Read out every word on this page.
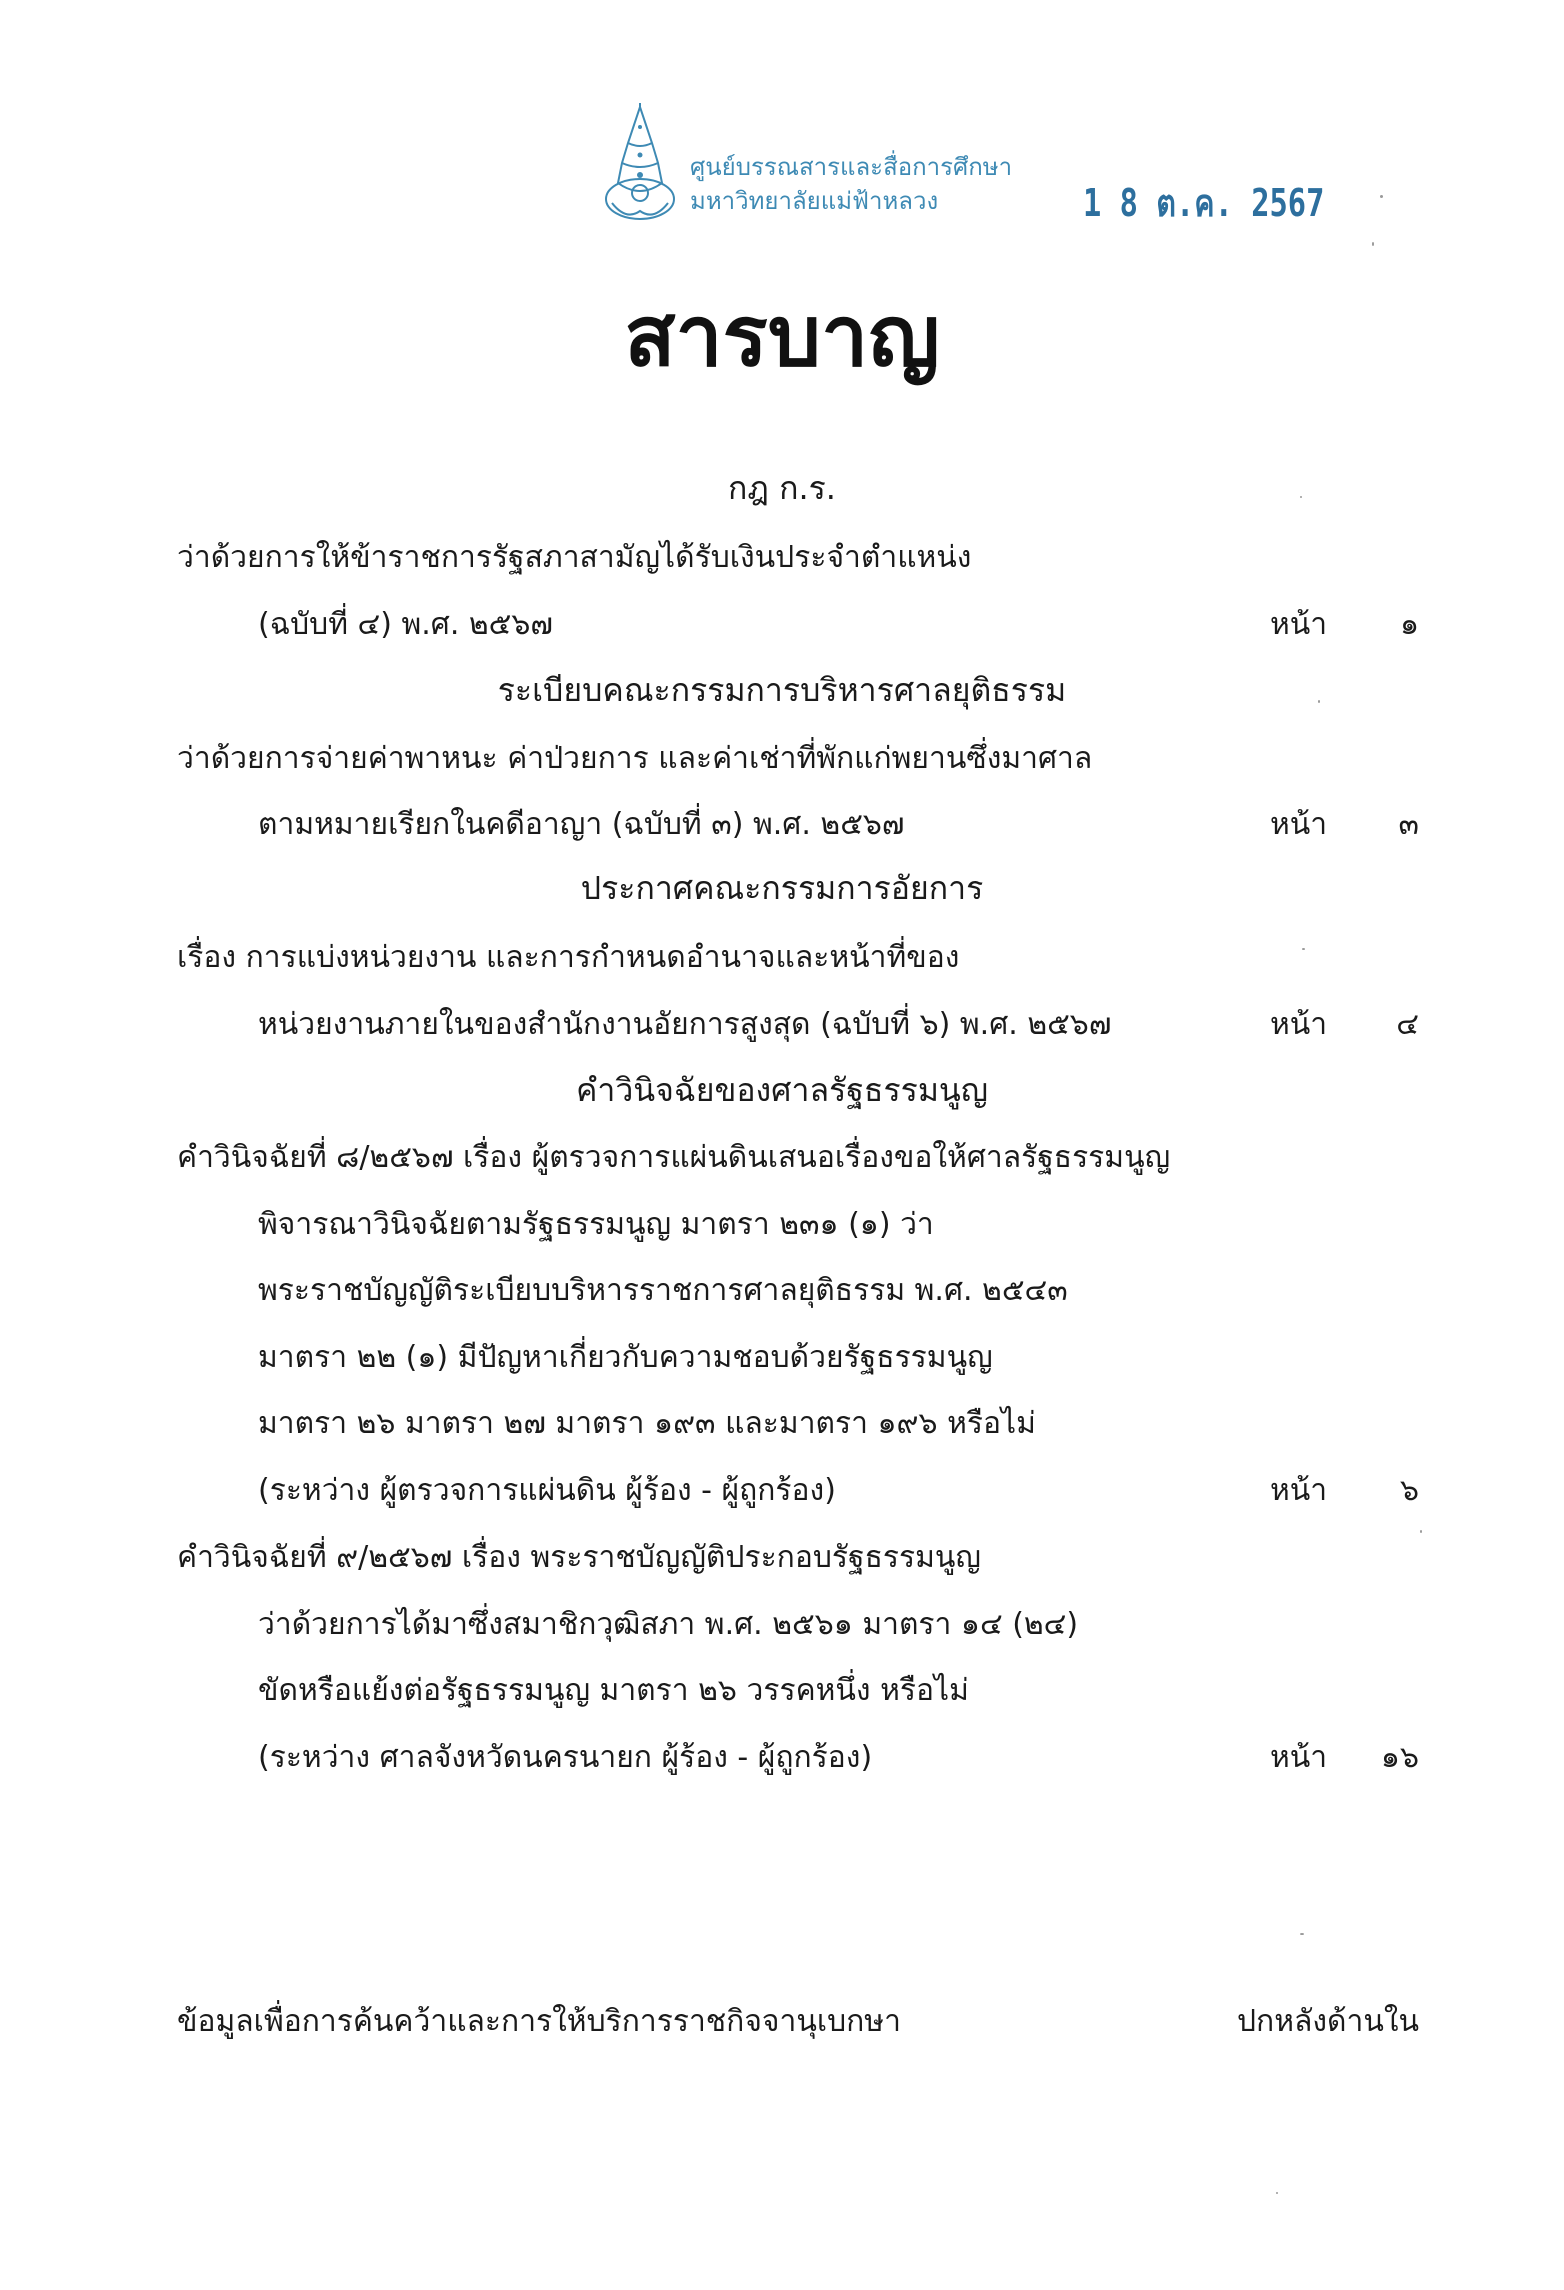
ศูนย์บรรณสารและสื่อการศึกษา
มหาวิทยาลัยแม่ฟ้าหลวง	1 8 ต.ค. 2567
สารบาญ
กฎ ก.ร.
ว่าด้วยการให้ข้าราชการรัฐสภาสามัญได้รับเงินประจำตำแหน่ง
(ฉบับที่ ๔) พ.ศ. ๒๕๖๗	หน้า ๑
ระเบียบคณะกรรมการบริหารศาลยุติธรรม
ว่าด้วยการจ่ายค่าพาหนะ ค่าป่วยการ และค่าเช่าที่พักแก่พยานซึ่งมาศาล
ตามหมายเรียกในคดีอาญา (ฉบับที่ ๓) พ.ศ. ๒๕๖๗	หน้า ๓
ประกาศคณะกรรมการอัยการ
เรื่อง การแบ่งหน่วยงาน และการกำหนดอำนาจและหน้าที่ของ
หน่วยงานภายในของสำนักงานอัยการสูงสุด (ฉบับที่ ๖) พ.ศ. ๒๕๖๗	หน้า ๔
คำวินิจฉัยของศาลรัฐธรรมนูญ
คำวินิจฉัยที่ ๘/๒๕๖๗ เรื่อง ผู้ตรวจการแผ่นดินเสนอเรื่องขอให้ศาลรัฐธรรมนูญ
พิจารณาวินิจฉัยตามรัฐธรรมนูญ มาตรา ๒๓๑ (๑) ว่า
พระราชบัญญัติระเบียบบริหารราชการศาลยุติธรรม พ.ศ. ๒๕๔๓
มาตรา ๒๒ (๑) มีปัญหาเกี่ยวกับความชอบด้วยรัฐธรรมนูญ
มาตรา ๒๖ มาตรา ๒๗ มาตรา ๑๙๓ และมาตรา ๑๙๖ หรือไม่
(ระหว่าง ผู้ตรวจการแผ่นดิน ผู้ร้อง - ผู้ถูกร้อง)	หน้า ๖
คำวินิจฉัยที่ ๙/๒๕๖๗ เรื่อง พระราชบัญญัติประกอบรัฐธรรมนูญ
ว่าด้วยการได้มาซึ่งสมาชิกวุฒิสภา พ.ศ. ๒๕๖๑ มาตรา ๑๔ (๒๔)
ขัดหรือแย้งต่อรัฐธรรมนูญ มาตรา ๒๖ วรรคหนึ่ง หรือไม่
(ระหว่าง ศาลจังหวัดนครนายก ผู้ร้อง - ผู้ถูกร้อง)	หน้า ๑๖
ข้อมูลเพื่อการค้นคว้าและการให้บริการราชกิจจานุเบกษา	ปกหลังด้านใน
